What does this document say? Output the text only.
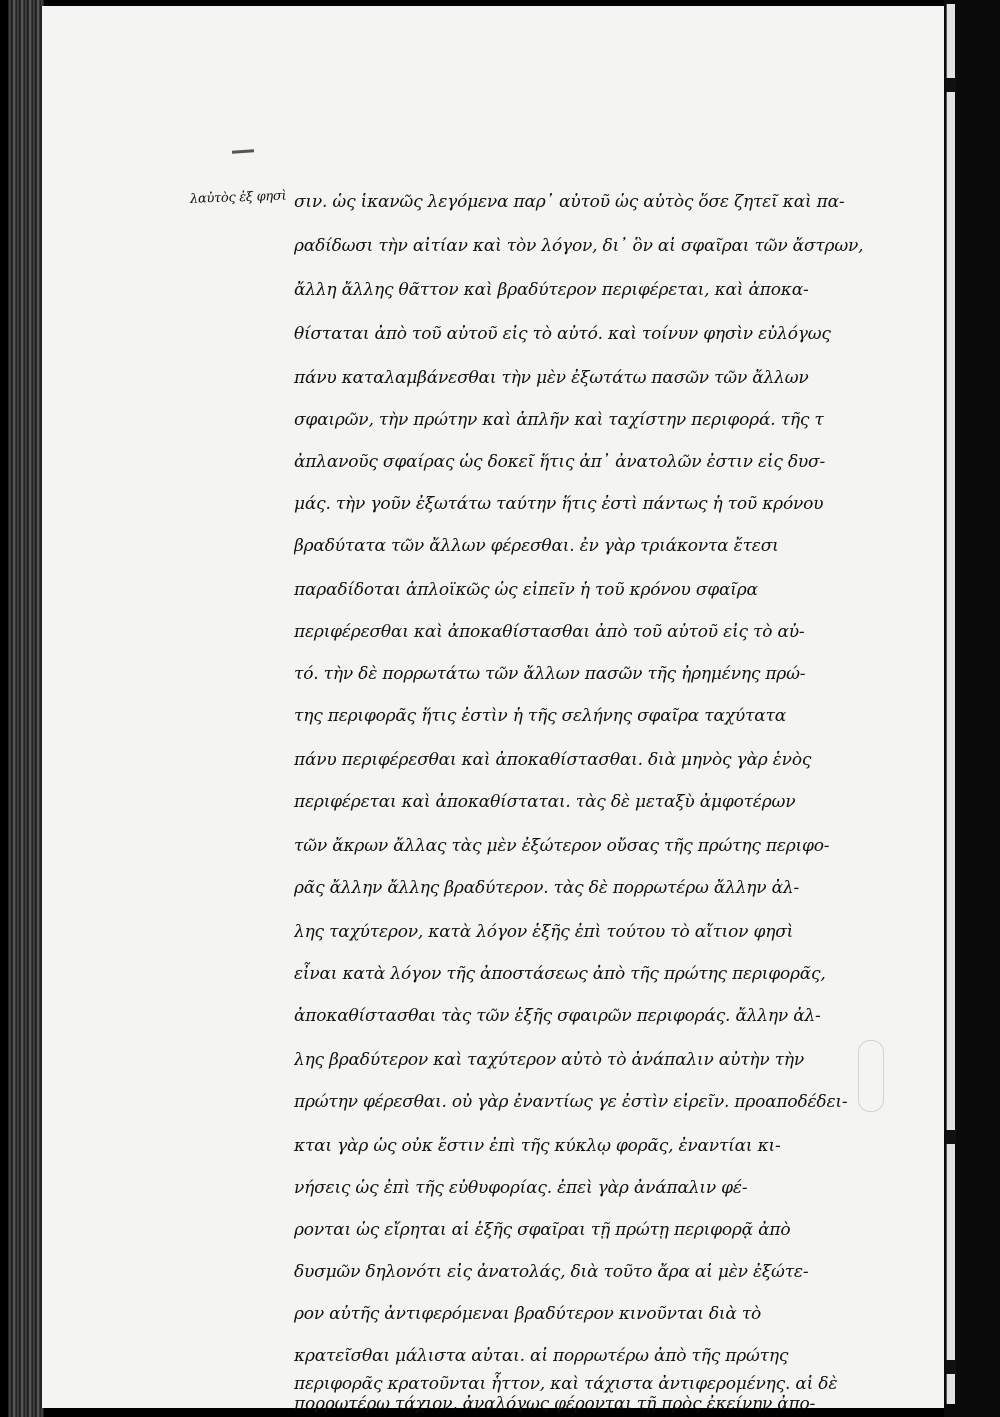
λαὐτὸς ἐξ φησὶ σιν. ὡς ἱκανῶς λεγόμενα παρ᾿ αὐτοῦ ὡς αὐτὸς ὅσε ζητεῖ καὶ πα-
ραδίδωσι τὴν αἰτίαν καὶ τὸν λόγον, δι᾿ ὃν αἱ σφαῖραι τῶν ἄστρων,
ἄλλη ἄλλης θᾶττον καὶ βραδύτερον περιφέρεται, καὶ ἀποκα-
θίσταται ἀπὸ τοῦ αὐτοῦ εἰς τὸ αὐτό. καὶ τοίνυν φησὶν εὐλόγως
πάνυ καταλαμβάνεσθαι τὴν μὲν ἐξωτάτω πασῶν τῶν ἄλλων
σφαιρῶν, τὴν πρώτην καὶ ἁπλῆν καὶ ταχίστην περιφορά. τῆς τ
ἀπλανοῦς σφαίρας ὡς δοκεῖ ἥτις ἀπ᾿ ἀνατολῶν ἐστιν εἰς δυσ-
μάς. τὴν γοῦν ἐξωτάτω ταύτην ἥτις ἐστὶ πάντως ἡ τοῦ κρόνου
βραδύτατα τῶν ἄλλων φέρεσθαι. ἐν γὰρ τριάκοντα ἔτεσι
παραδίδοται ἁπλοϊκῶς ὡς εἰπεῖν ἡ τοῦ κρόνου σφαῖρα
περιφέρεσθαι καὶ ἀποκαθίστασθαι ἀπὸ τοῦ αὐτοῦ εἰς τὸ αὐ-
τό. τὴν δὲ πορρωτάτω τῶν ἄλλων πασῶν τῆς ἠρημένης πρώ-
της περιφορᾶς ἥτις ἐστὶν ἡ τῆς σελήνης σφαῖρα ταχύτατα
πάνυ περιφέρεσθαι καὶ ἀποκαθίστασθαι. διὰ μηνὸς γὰρ ἑνὸς
περιφέρεται καὶ ἀποκαθίσταται. τὰς δὲ μεταξὺ ἀμφοτέρων
τῶν ἄκρων ἄλλας τὰς μὲν ἐξώτερον οὔσας τῆς πρώτης περιφο-
ρᾶς ἄλλην ἄλλης βραδύτερον. τὰς δὲ πορρωτέρω ἄλλην ἀλ-
λης ταχύτερον, κατὰ λόγον ἑξῆς ἐπὶ τούτου τὸ αἴτιον φησὶ
εἶναι κατὰ λόγον τῆς ἀποστάσεως ἀπὸ τῆς πρώτης περιφορᾶς,
ἀποκαθίστασθαι τὰς τῶν ἑξῆς σφαιρῶν περιφοράς. ἄλλην ἀλ-
λης βραδύτερον καὶ ταχύτερον αὐτὸ τὸ ἀνάπαλιν αὐτὴν τὴν
πρώτην φέρεσθαι. οὐ γὰρ ἐναντίως γε ἐστὶν εἰρεῖν. προαποδέδει-
κται γὰρ ὡς οὐκ ἔστιν ἐπὶ τῆς κύκλῳ φορᾶς, ἐναντίαι κι-
νήσεις ὡς ἐπὶ τῆς εὐθυφορίας. ἐπεὶ γὰρ ἀνάπαλιν φέ-
ρονται ὡς εἴρηται αἱ ἑξῆς σφαῖραι τῇ πρώτῃ περιφορᾷ ἀπὸ
δυσμῶν δηλονότι εἰς ἀνατολάς, διὰ τοῦτο ἄρα αἱ μὲν ἐξώτε-
ρον αὐτῆς ἀντιφερόμεναι βραδύτερον κινοῦνται διὰ τὸ
κρατεῖσθαι μάλιστα αὐται. αἱ πορρωτέρω ἀπὸ τῆς πρώτης
περιφορᾶς κρατοῦνται ἧττον, καὶ τάχιστα ἀντιφερομένης. αἱ δὲ
πορρωτέρω τάχιον, ἀναλόγως φέρονται τῇ πρὸς ἐκείνην ἀπο-
